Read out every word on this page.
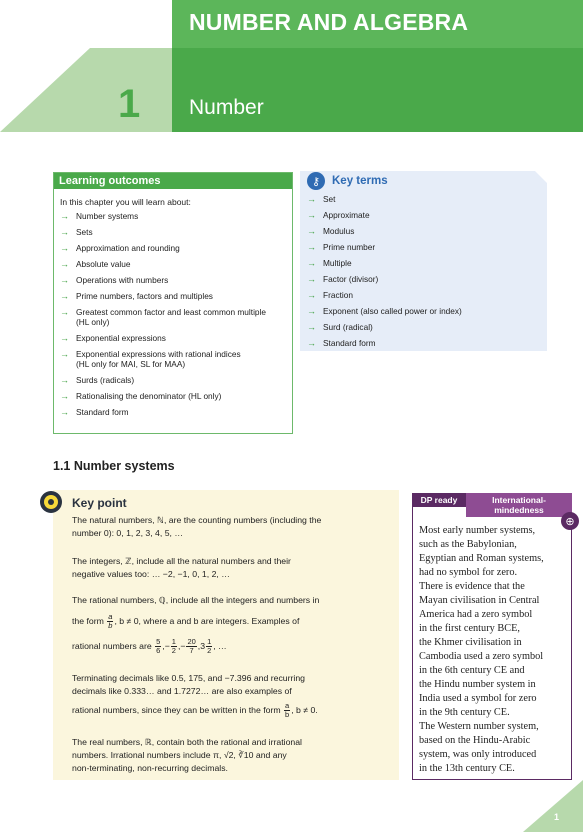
NUMBER AND ALGEBRA
1 Number
Learning outcomes
In this chapter you will learn about:
→ Number systems
→ Sets
→ Approximation and rounding
→ Absolute value
→ Operations with numbers
→ Prime numbers, factors and multiples
→ Greatest common factor and least common multiple
(HL only)
→ Exponential expressions
→ Exponential expressions with rational indices
(HL only for MAI, SL for MAA)
→ Surds (radicals)
→ Rationalising the denominator (HL only)
→ Standard form
⚷	Key terms
→ Set
→ Approximate
→ Modulus
→ Prime number
→ Multiple
→ Factor (divisor)
→ Fraction
→ Exponent (also called power or index)
→ Surd (radical)
→ Standard form
1.1 Number systems
Key point
The natural numbers, ℕ, are the counting numbers (including the
number 0): 0, 1, 2, 3, 4, 5, …
The integers, ℤ, include all the natural numbers and their
negative values too: … −2, −1, 0, 1, 2, …
The rational numbers, ℚ, include all the integers and numbers in
the form $\frac{a}{b}$ , b ≠ 0, where a and b are integers. Examples of
rational numbers are $\frac{5}{6}$ ,− $\frac{1}{2}$ ,− $\frac{20}{7} ,3 \frac{1}{2}$ , …
Terminating decimals like 0.5, 175, and −7.396 and recurring
decimals like 0.333… and 1.7272… are also examples of
rational numbers, since they can be written in the form $\frac{a}{b}$ , b ≠ 0.
The real numbers, ℝ, contain both the rational and irrational
numbers. Irrational numbers include π, √2, ∛10 and any
non-terminating, non-recurring decimals.
DP ready	International-
mindedness
⊕

Most early number systems,
such as the Babylonian,
Egyptian and Roman systems,
had no symbol for zero.
There is evidence that the
Mayan civilisation in Central
America had a zero symbol
in the first century BCE,
the Khmer civilisation in
Cambodia used a zero symbol
in the 6th century CE and
the Hindu number system in
India used a symbol for zero
in the 9th century CE.

The Western number system,
based on the Hindu-Arabic
system, was only introduced
in the 13th century CE.

1
